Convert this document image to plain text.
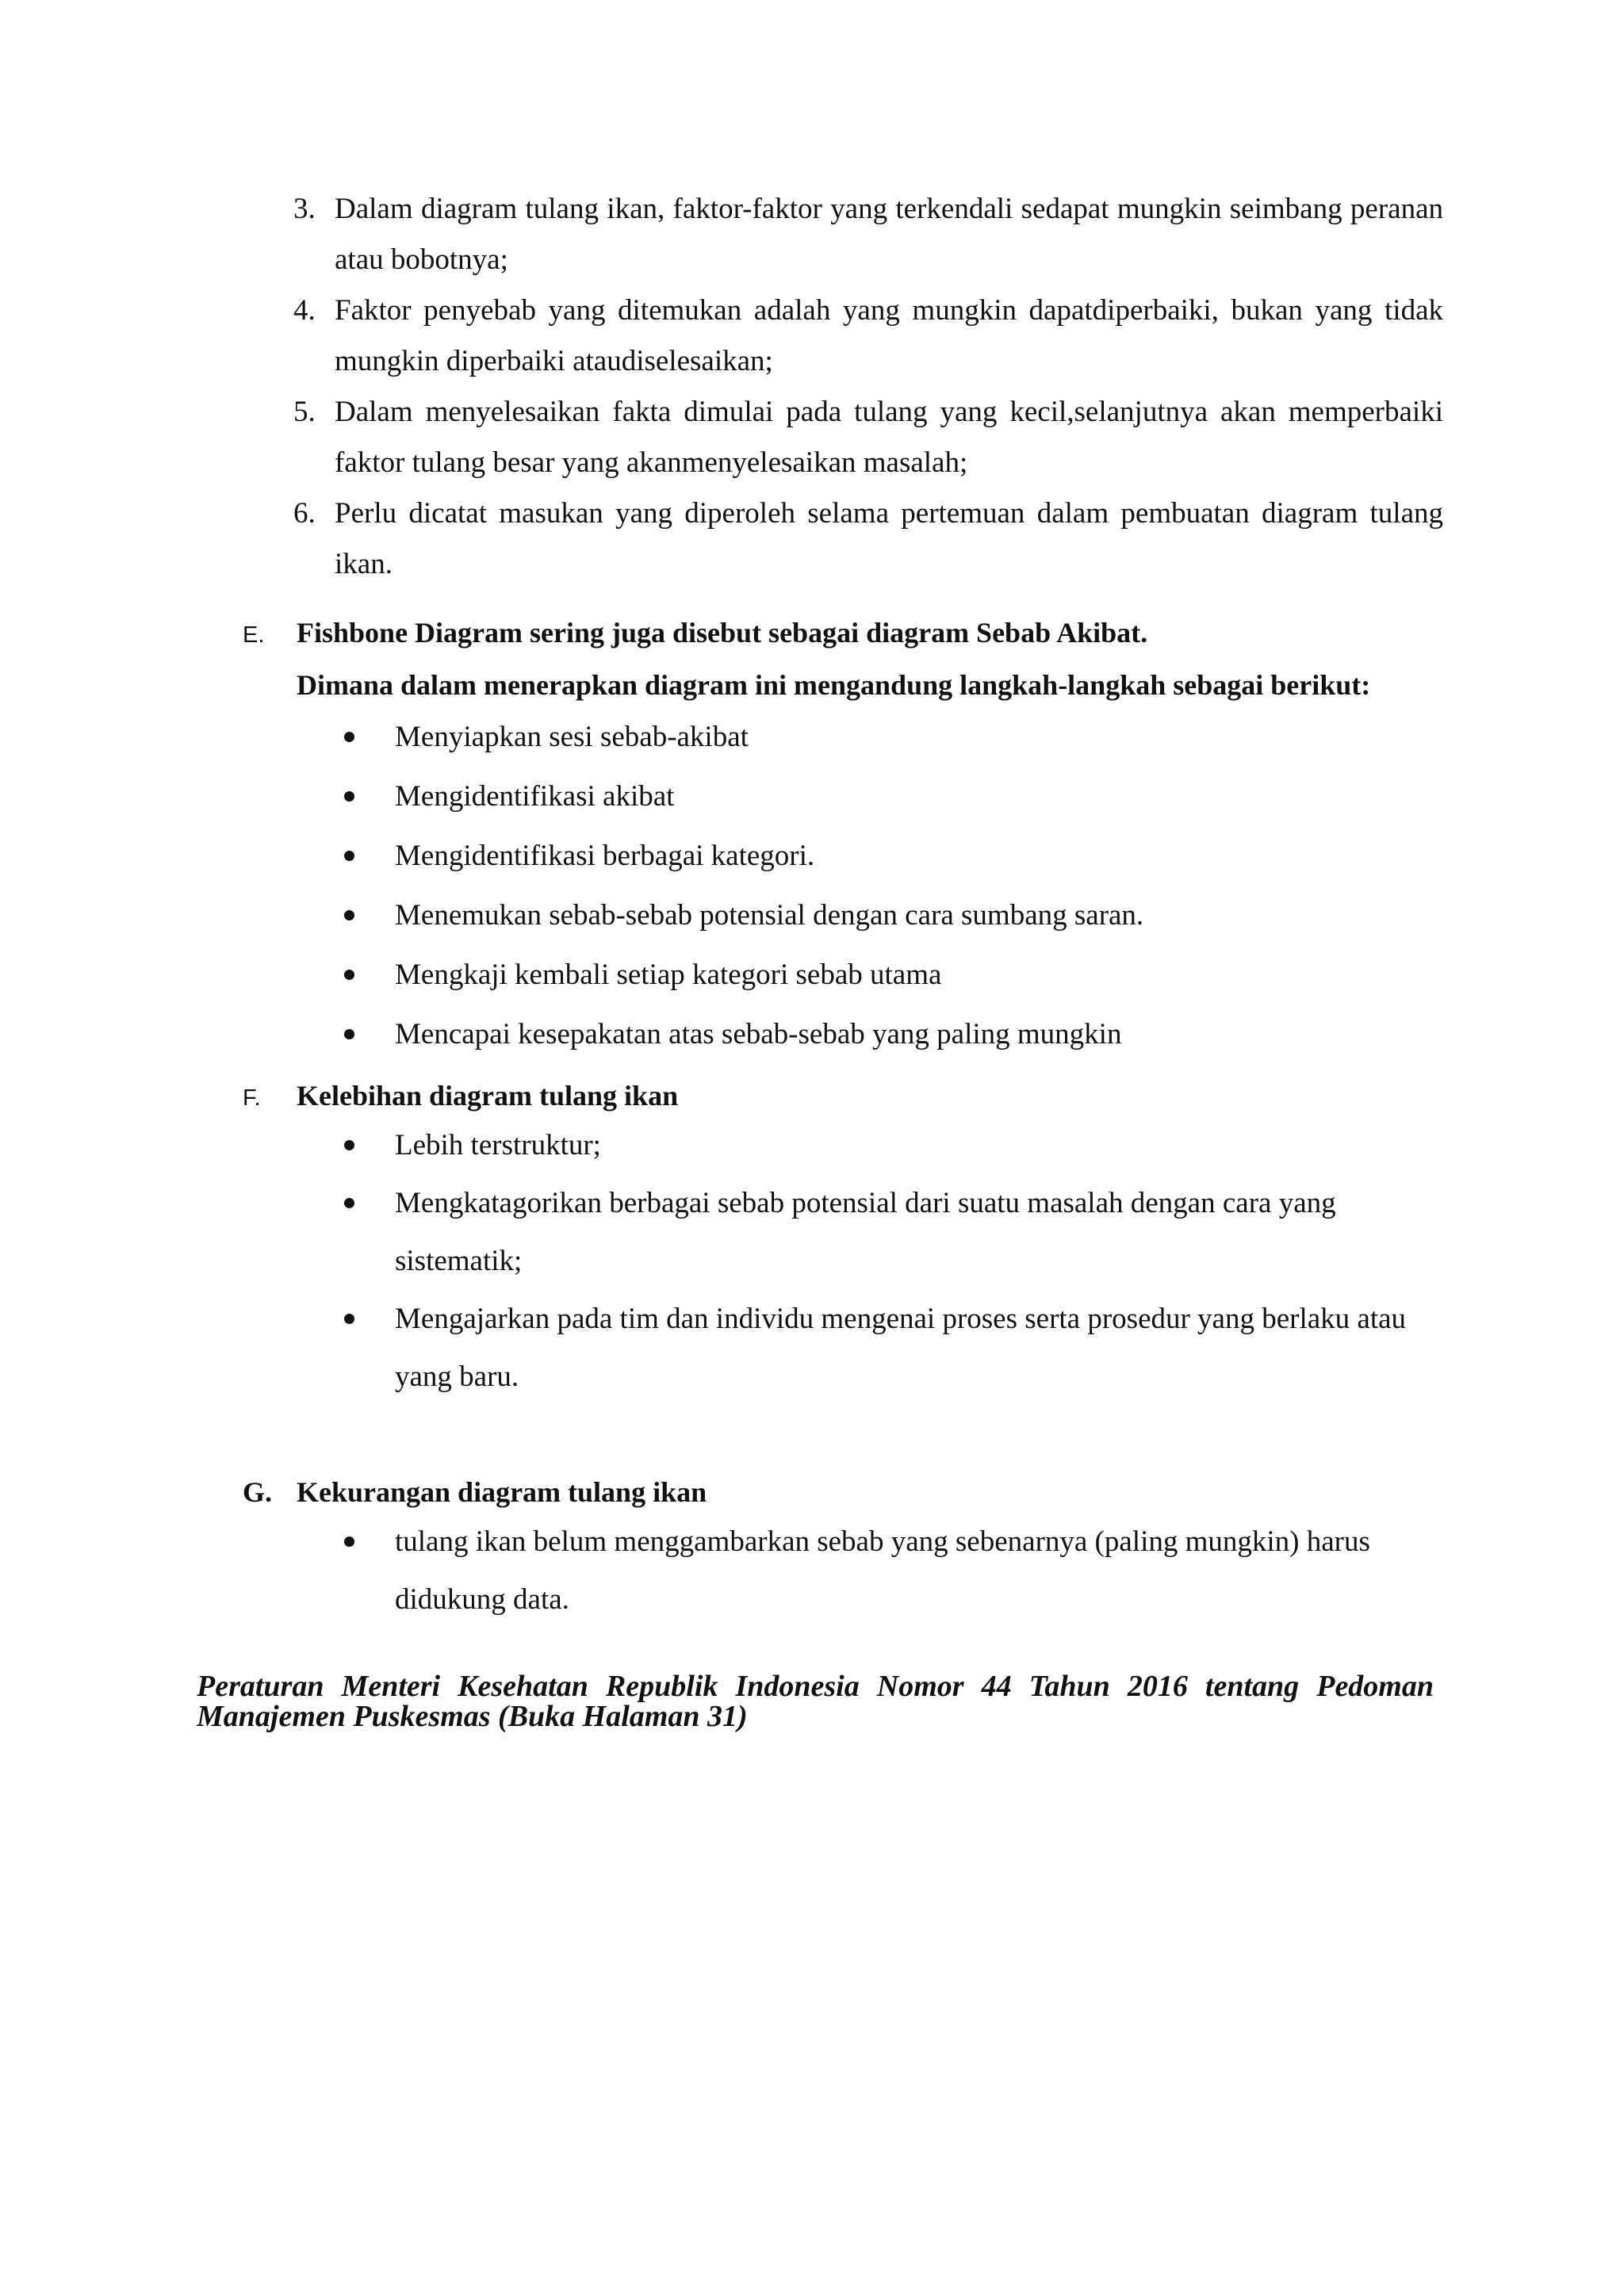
3. Dalam diagram tulang ikan, faktor-faktor yang terkendali sedapat mungkin seimbang peranan atau bobotnya;
4. Faktor penyebab yang ditemukan adalah yang mungkin dapatdiperbaiki, bukan yang tidak mungkin diperbaiki ataudiselesaikan;
5. Dalam menyelesaikan fakta dimulai pada tulang yang kecil,selanjutnya akan memperbaiki faktor tulang besar yang akanmenyelesaikan masalah;
6. Perlu dicatat masukan yang diperoleh selama pertemuan dalam pembuatan diagram tulang ikan.
E. Fishbone Diagram sering juga disebut sebagai diagram Sebab Akibat.
Dimana dalam menerapkan diagram ini mengandung langkah-langkah sebagai berikut:
Menyiapkan sesi sebab-akibat
Mengidentifikasi akibat
Mengidentifikasi berbagai kategori.
Menemukan sebab-sebab potensial dengan cara sumbang saran.
Mengkaji kembali setiap kategori sebab utama
Mencapai kesepakatan atas sebab-sebab yang paling mungkin
F. Kelebihan diagram tulang ikan
Lebih terstruktur;
Mengkatagorikan berbagai sebab potensial dari suatu masalah dengan cara yang sistematik;
Mengajarkan pada tim dan individu mengenai proses serta prosedur yang berlaku atau yang baru.
G. Kekurangan diagram tulang ikan
tulang ikan belum menggambarkan sebab yang sebenarnya (paling mungkin) harus didukung data.
Peraturan Menteri Kesehatan Republik Indonesia Nomor 44 Tahun 2016 tentang Pedoman Manajemen Puskesmas (Buka Halaman 31)
